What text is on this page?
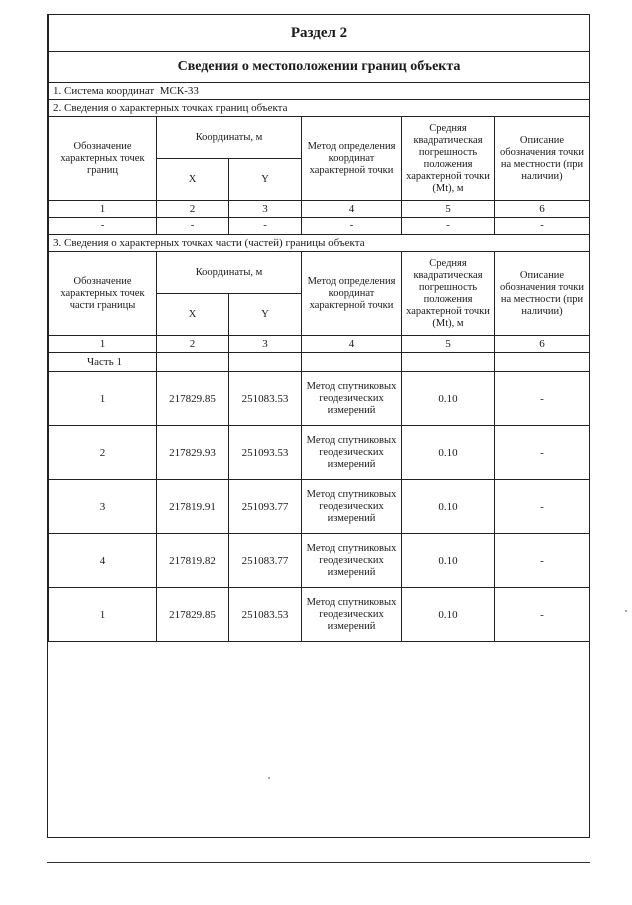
Раздел 2					
Сведения о местоположении границ объекта					
1. Система координат МСК-33					
2. Сведения о характерных точках границ объекта					
Обозначение характерных точек границ	Координаты, м		Метод определения координат характерной точки	Средняя квадратическая погрешность положения характерной точки (Mt), м	Описание обозначения точки на местности (при наличии)
	X	Y			
1	2	3	4	5	6
-	-	-	-	-	-
3. Сведения о характерных точках части (частей) границы объекта					
Обозначение характерных точек части границы	Координаты, м		Метод определения координат характерной точки	Средняя квадратическая погрешность положения характерной точки (Mt), м	Описание обозначения точки на местности (при наличии)
	X	Y			
1	2	3	4	5	6
Часть 1					
1	217829.85	251083.53	Метод спутниковых геодезических измерений	0.10	-
2	217829.93	251093.53	Метод спутниковых геодезических измерений	0.10	-
3	217819.91	251093.77	Метод спутниковых геодезических измерений	0.10	-
4	217819.82	251083.77	Метод спутниковых геодезических измерений	0.10	-
1	217829.85	251083.53	Метод спутниковых геодезических измерений	0.10	-
